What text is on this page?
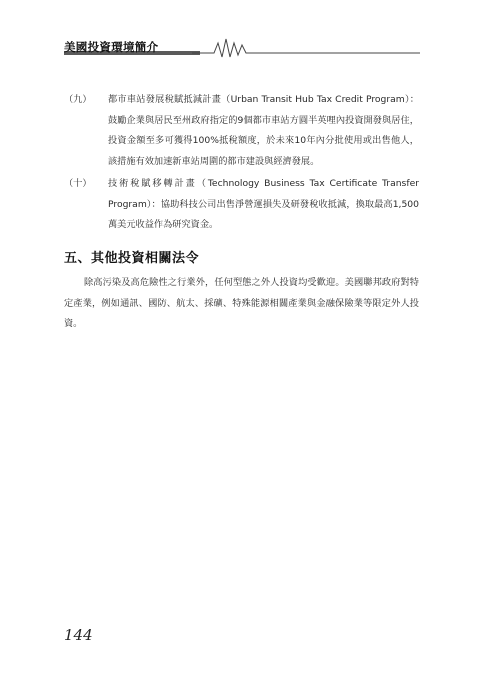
美國投資環境簡介
（九）	都市車站發展稅賦抵減計畫（Urban Transit Hub Tax Credit Program）：鼓勵企業與居民至州政府指定的9個都市車站方圓半英哩內投資開發與居住，投資金額至多可獲得100%抵稅額度，於未來10年內分批使用或出售他人，該措施有效加速新車站周圍的都市建設與經濟發展。
（十）	技術稅賦移轉計畫（Technology Business Tax Certificate Transfer Program）：協助科技公司出售淨營運損失及研發稅收抵減，換取最高1,500萬美元收益作為研究資金。
五、其他投資相關法令
除高污染及高危險性之行業外，任何型態之外人投資均受歡迎。美國聯邦政府對特定產業，例如通訊、國防、航太、採礦、特殊能源相關產業與金融保險業等限定外人投資。
144
